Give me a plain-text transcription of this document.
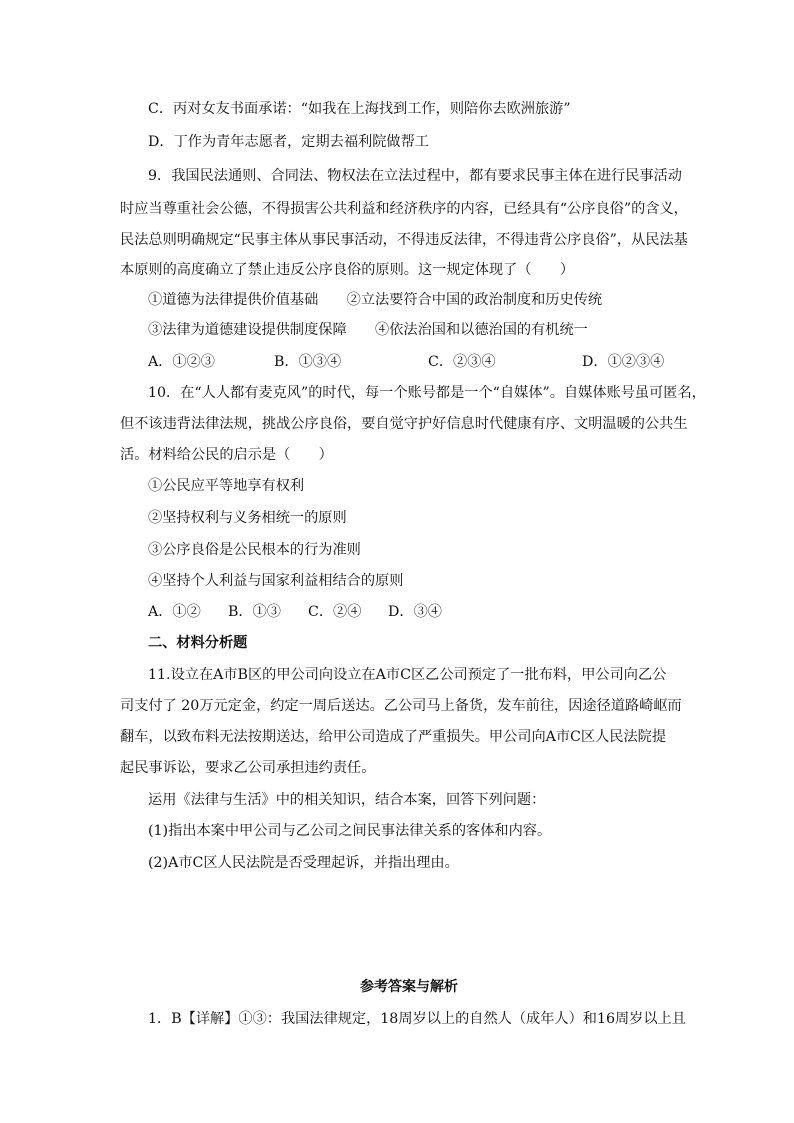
C．丙对女友书面承诺：“如我在上海找到工作，则陪你去欧洲旅游”
D．丁作为青年志愿者，定期去福利院做帮工
9．我国民法通则、合同法、物权法在立法过程中，都有要求民事主体在进行民事活动
时应当尊重社会公德，不得损害公共利益和经济秩序的内容，已经具有“公序良俗”的含义，
民法总则明确规定“民事主体从事民事活动，不得违反法律，不得违背公序良俗”，从民法基
本原则的高度确立了禁止违反公序良俗的原则。这一规定体现了（　　）
①道德为法律提供价值基础　　②立法要符合中国的政治制度和历史传统
③法律为道德建设提供制度保障　　④依法治国和以德治国的有机统一
A．①②③	B．①③④	C．②③④	D．①②③④
10．在“人人都有麦克风”的时代，每一个账号都是一个“自媒体”。自媒体账号虽可匿名，
但不该违背法律法规，挑战公序良俗，要自觉守护好信息时代健康有序、文明温暖的公共生
活。材料给公民的启示是（　　）
①公民应平等地享有权利
②坚持权利与义务相统一的原则
③公序良俗是公民根本的行为准则
④坚持个人利益与国家利益相结合的原则
A．①② B．①③ C．②④ D．③④
二、材料分析题
11.设立在A市B区的甲公司向设立在A市C区乙公司预定了一批布料，甲公司向乙公
司支付了 20万元定金，约定一周后送达。乙公司马上备货，发车前往，因途径道路崎岖而
翻车，以致布料无法按期送达，给甲公司造成了严重损失。甲公司向A市C区人民法院提
起民事诉讼，要求乙公司承担违约责任。
运用《法律与生活》中的相关知识，结合本案，回答下列问题：
(1)指出本案中甲公司与乙公司之间民事法律关系的客体和内容。
(2)A市C区人民法院是否受理起诉，并指出理由。
参考答案与解析
1．B【详解】①③：我国法律规定，18周岁以上的自然人（成年人）和16周岁以上且
